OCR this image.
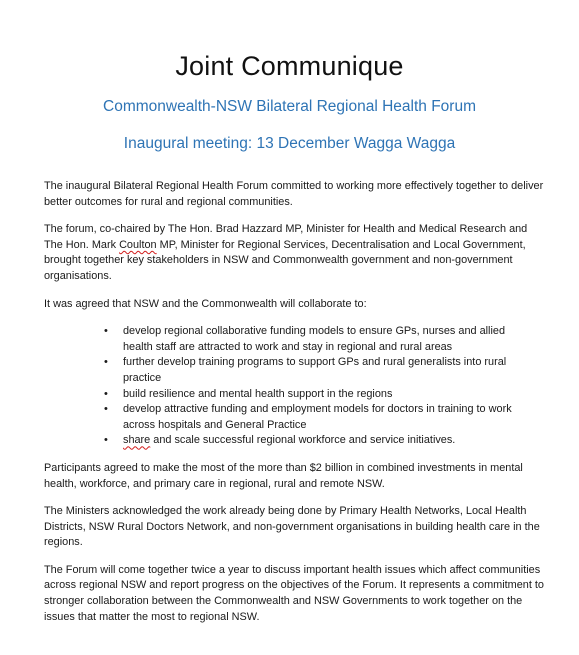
Joint Communique
Commonwealth-NSW Bilateral Regional Health Forum
Inaugural meeting: 13 December Wagga Wagga

The inaugural Bilateral Regional Health Forum committed to working more effectively together to deliver better outcomes for rural and regional communities.

The forum, co-chaired by The Hon. Brad Hazzard MP, Minister for Health and Medical Research and The Hon. Mark Coulton MP, Minister for Regional Services, Decentralisation and Local Government, brought together key stakeholders in NSW and Commonwealth government and non-government organisations.

It was agreed that NSW and the Commonwealth will collaborate to:

• develop regional collaborative funding models to ensure GPs, nurses and allied health staff are attracted to work and stay in regional and rural areas
• further develop training programs to support GPs and rural generalists into rural practice
• build resilience and mental health support in the regions
• develop attractive funding and employment models for doctors in training to work across hospitals and General Practice
• share and scale successful regional workforce and service initiatives.

Participants agreed to make the most of the more than $2 billion in combined investments in mental health, workforce, and primary care in regional, rural and remote NSW.

The Ministers acknowledged the work already being done by Primary Health Networks, Local Health Districts, NSW Rural Doctors Network, and non-government organisations in building health care in the regions.

The Forum will come together twice a year to discuss important health issues which affect communities across regional NSW and report progress on the objectives of the Forum. It represents a commitment to stronger collaboration between the Commonwealth and NSW Governments to work together on the issues that matter the most to regional NSW.
